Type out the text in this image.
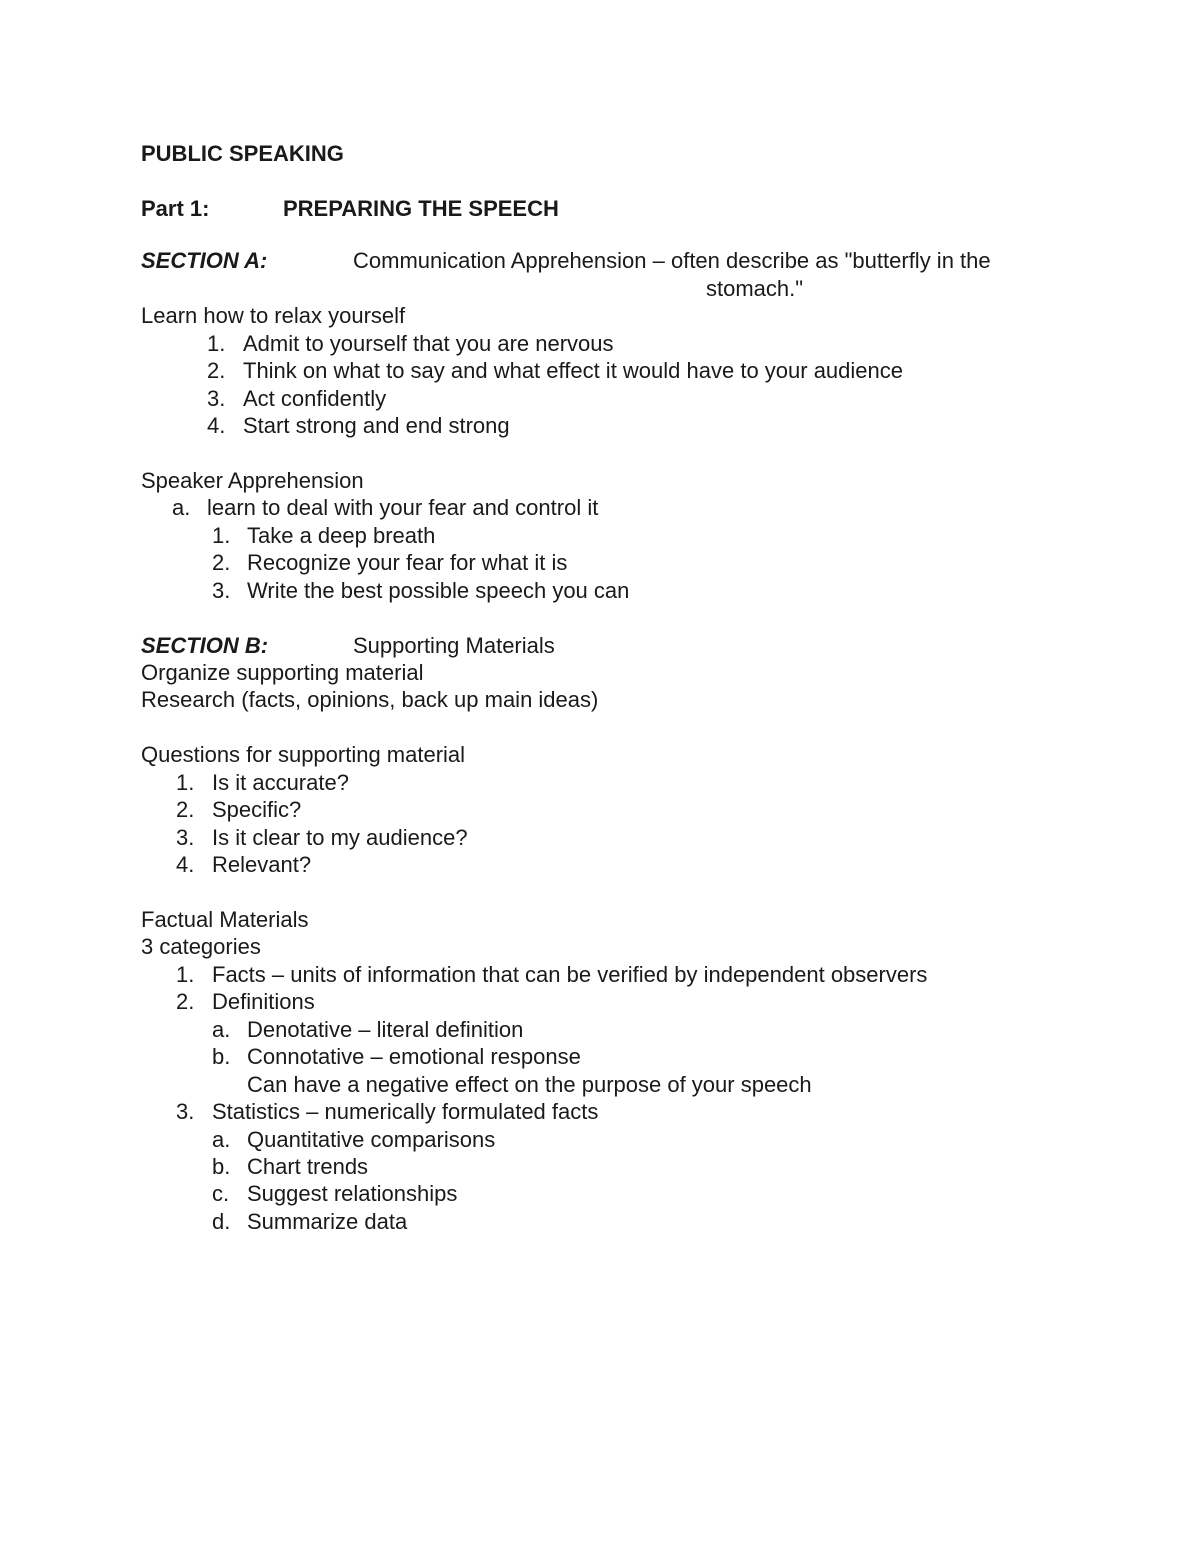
PUBLIC SPEAKING
Part 1:	PREPARING THE SPEECH
SECTION A:	Communication Apprehension – often describe as "butterfly in the
stomach."
Learn how to relax yourself
1. Admit to yourself that you are nervous
2. Think on what to say and what effect it would have to your audience
3. Act confidently
4. Start strong and end strong
Speaker Apprehension
a. learn to deal with your fear and control it
1. Take a deep breath
2. Recognize your fear for what it is
3. Write the best possible speech you can
SECTION B:	Supporting Materials
Organize supporting material
Research (facts, opinions, back up main ideas)
Questions for supporting material
1. Is it accurate?
2. Specific?
3. Is it clear to my audience?
4. Relevant?
Factual Materials
3 categories
1. Facts – units of information that can be verified by independent observers
2. Definitions
a. Denotative – literal definition
b. Connotative – emotional response
Can have a negative effect on the purpose of your speech
3. Statistics – numerically formulated facts
a. Quantitative comparisons
b. Chart trends
c. Suggest relationships
d. Summarize data
